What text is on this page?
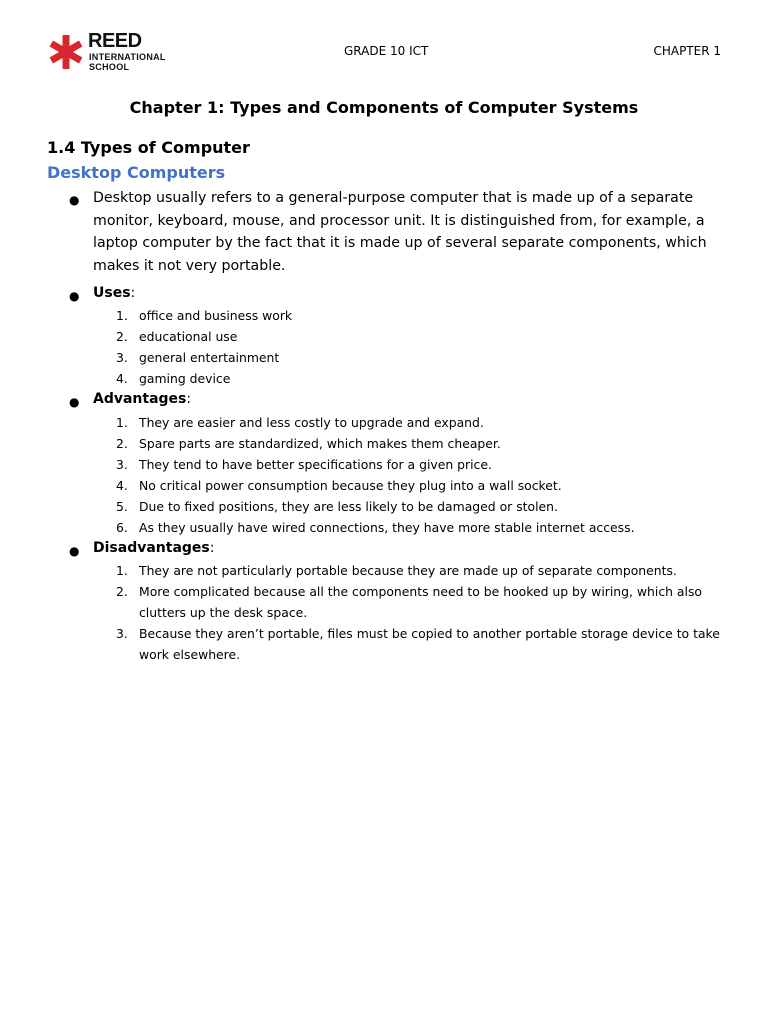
REED
INTERNATIONAL
SCHOOL
GRADE 10 ICT	CHAPTER 1
Chapter 1: Types and Components of Computer Systems
1.4 Types of Computer
Desktop Computers
● Desktop usually refers to a general-purpose computer that is made up of a separate
monitor, keyboard, mouse, and processor unit. It is distinguished from, for example, a
laptop computer by the fact that it is made up of several separate components, which
makes it not very portable.
● Uses:
1. office and business work
2. educational use
3. general entertainment
4. gaming device
● Advantages:
1. They are easier and less costly to upgrade and expand.
2. Spare parts are standardized, which makes them cheaper.
3. They tend to have better specifications for a given price.
4. No critical power consumption because they plug into a wall socket.
5. Due to fixed positions, they are less likely to be damaged or stolen.
6. As they usually have wired connections, they have more stable internet access.
● Disadvantages:
1. They are not particularly portable because they are made up of separate components.
2. More complicated because all the components need to be hooked up by wiring, which also clutters up the desk space.
3. Because they aren’t portable, files must be copied to another portable storage device to take work elsewhere.
